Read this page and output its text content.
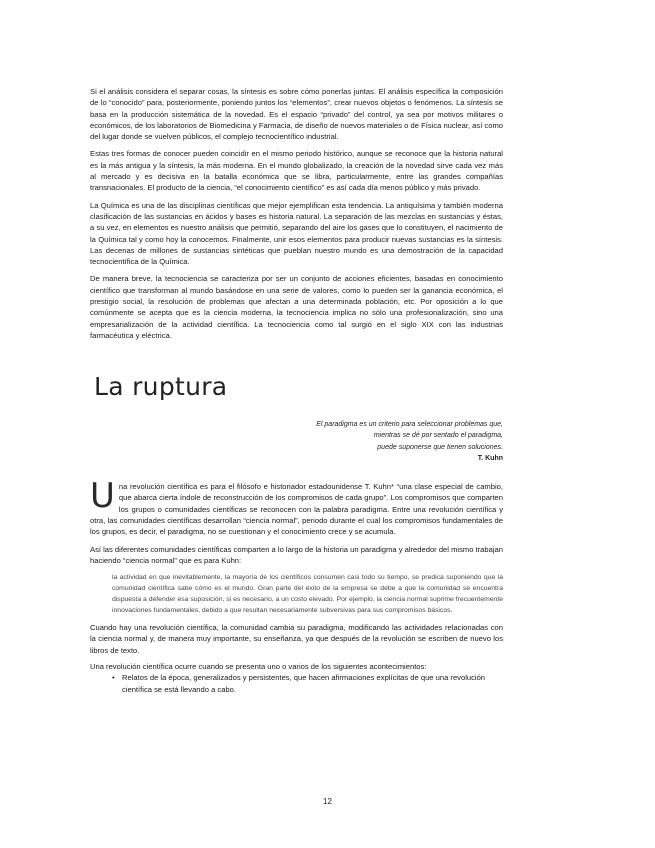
Si el análisis considera el separar cosas, la síntesis es sobre cómo ponerlas juntas. El análisis específica la composición de lo “conocido” para, posteriormente, poniendo juntos los “elementos”, crear nuevos objetos o fenómenos. La síntesis se basa en la producción sistemática de la novedad. Es el espacio “privado” del control, ya sea por motivos militares o económicos, de los laboratorios de Biomedicina y Farmacia, de diseño de nuevos materiales o de Física nuclear, así como del lugar donde se vuelven públicos, el complejo tecnocientífico industrial.

Estas tres formas de conocer pueden coincidir en el mismo periodo histórico, aunque se reconoce que la historia natural es la más antigua y la síntesis, la más moderna. En el mundo globalizado, la creación de la novedad sirve cada vez más al mercado y es decisiva en la batalla económica que se libra, particularmente, entre las grandes compañías transnacionales. El producto de la ciencia, “el conocimiento científico” es así cada día menos público y más privado.

La Química es una de las disciplinas científicas que mejor ejemplifican esta tendencia. La antiquísima y también moderna clasificación de las sustancias en ácidos y bases es historia natural. La separación de las mezclas en sustancias y éstas, a su vez, en elementos es nuestro análisis que permitió, separando del aire los gases que lo constituyen, el nacimiento de la Química tal y como hoy la conocemos. Finalmente, unir esos elementos para producir nuevas sustancias es la síntesis. Las decenas de millones de sustancias sintéticas que pueblan nuestro mundo es una demostración de la capacidad tecnocientífica de la Química.

De manera breve, la tecnociencia se caracteriza por ser un conjunto de acciones eficientes, basadas en conocimiento científico que transforman al mundo basándose en una serie de valores, como lo pueden ser la ganancia económica, el prestigio social, la resolución de problemas que afectan a una determinada población, etc. Por oposición a lo que comúnmente se acepta que es la ciencia moderna, la tecnociencia implica no sólo una profesionalización, sino una empresarialización de la actividad científica. La tecnociencia como tal surgió en el siglo XIX con las industrias farmacéutica y eléctrica.

La ruptura
El paradigma es un criterio para seleccionar problemas que,
mientras se dé por sentado el paradigma,
puede suponerse que tienen soluciones.
T. Kuhn

Una revolución científica es para el filósofo e historiador estadounidense T. Kuhn* “una clase especial de cambio, que abarca cierta índole de reconstrucción de los compromisos de cada grupo”. Los compromisos que comparten los grupos o comunidades científicas se reconocen con la palabra paradigma. Entre una revolución científica y otra, las comunidades científicas desarrollan “ciencia normal”, periodo durante el cual los compromisos fundamentales de los grupos, es decir, el paradigma, no se cuestionan y el conocimiento crece y se acumula.

Así las diferentes comunidades científicas comparten a lo largo de la historia un paradigma y alrededor del mismo trabajan haciendo “ciencia normal” que es para Kuhn:

la actividad en que inevitablemente, la mayoría de los científicos consumen casi todo su tiempo, se predica suponiendo que la comunidad científica sabe cómo es el mundo. Gran parte del éxito de la empresa se debe a que la comunidad se encuentra dispuesta a defender esa suposición, si es necesario, a un costo elevado. Por ejemplo, la ciencia normal suprime frecuentemente innovaciones fundamentales, debido a que resultan necesariamente subversivas para sus compromisos básicos.

Cuando hay una revolución científica, la comunidad cambia su paradigma, modificando las actividades relacionadas con la ciencia normal y, de manera muy importante, su enseñanza, ya que después de la revolución se escriben de nuevo los libros de texto.

Una revolución científica ocurre cuando se presenta uno o varios de los siguientes acontecimientos:

• Relatos de la época, generalizados y persistentes, que hacen afirmaciones explícitas de que una revolución científica se está llevando a cabo.
12
